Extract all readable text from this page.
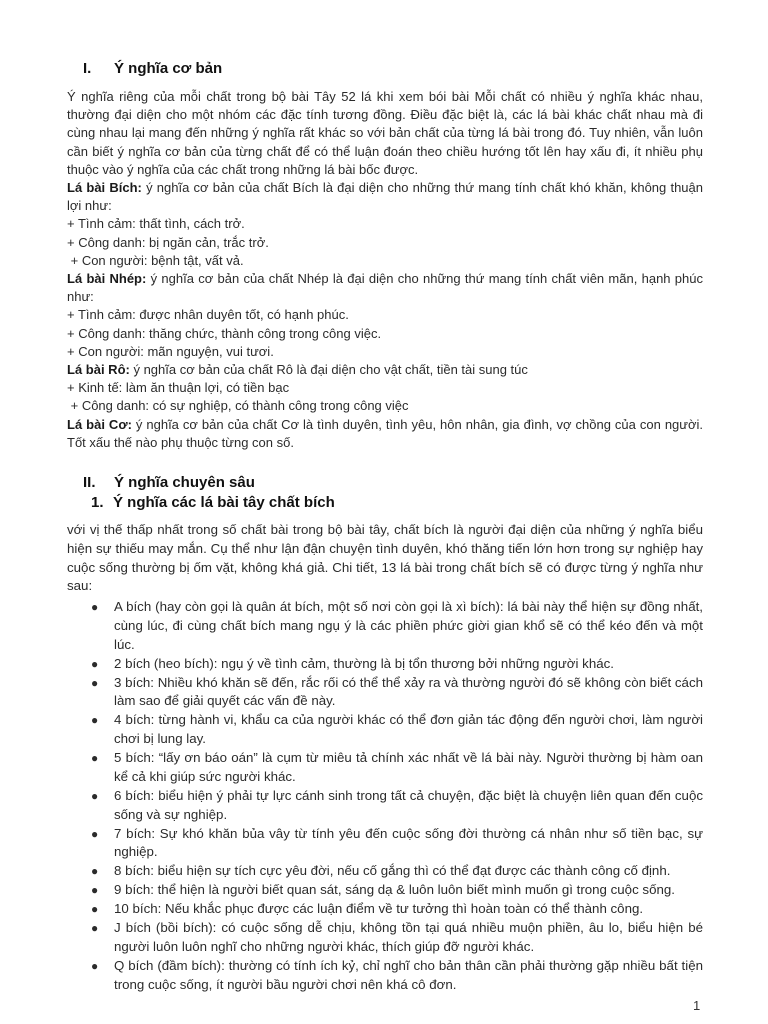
I. Ý nghĩa cơ bản

Ý nghĩa riêng của mỗi chất trong bộ bài Tây 52 lá khi xem bói bài Mỗi chất có nhiều ý nghĩa khác nhau, thường đại diện cho một nhóm các đặc tính tương đồng. Điều đặc biệt là, các lá bài khác chất nhau mà đi cùng nhau lại mang đến những ý nghĩa rất khác so với bản chất của từng lá bài trong đó. Tuy nhiên, vẫn luôn cần biết ý nghĩa cơ bản của từng chất để có thể luận đoán theo chiều hướng tốt lên hay xấu đi, ít nhiều phụ thuộc vào ý nghĩa của các chất trong những lá bài bốc được.

Lá bài Bích: ý nghĩa cơ bản của chất Bích là đại diện cho những thứ mang tính chất khó khăn, không thuận lợi như:

+ Tình cảm: thất tình, cách trở.

+ Công danh: bị ngăn cản, trắc trở.

+ Con người: bệnh tật, vất vả.

Lá bài Nhép: ý nghĩa cơ bản của chất Nhép là đại diện cho những thứ mang tính chất viên mãn, hạnh phúc như:

+ Tình cảm: được nhân duyên tốt, có hạnh phúc.

+ Công danh: thăng chức, thành công trong công việc.

+ Con người: mãn nguyện, vui tươi.

Lá bài Rô: ý nghĩa cơ bản của chất Rô là đại diện cho vật chất, tiền tài sung túc

+ Kinh tế: làm ăn thuận lợi, có tiền bạc

+ Công danh: có sự nghiệp, có thành công trong công việc

Lá bài Cơ: ý nghĩa cơ bản của chất Cơ là tình duyên, tình yêu, hôn nhân, gia đình, vợ chồng của con người. Tốt xấu thế nào phụ thuộc từng con số.

II. Ý nghĩa chuyên sâu
1. Ý nghĩa các lá bài tây chất bích

với vị thế thấp nhất trong số chất bài trong bộ bài tây, chất bích là người đại diện của những ý nghĩa biểu hiện sự thiếu may mắn. Cụ thể như lận đận chuyện tình duyên, khó thăng tiến lớn hơn trong sự nghiệp hay cuộc sống thường bị ốm vặt, không khá giả. Chi tiết, 13 lá bài trong chất bích sẽ có được từng ý nghĩa như sau:

●	A bích (hay còn gọi là quân át bích, một số nơi còn gọi là xì bích): lá bài này thể hiện sự đồng nhất, cùng lúc, đi cùng chất bích mang ngụ ý là các phiền phức giời gian khổ sẽ có thể kéo đến và một lúc.
●	2 bích (heo bích): ngụ ý về tình cảm, thường là bị tổn thương bởi những người khác.
●	3 bích: Nhiều khó khăn sẽ đến, rắc rối có thể thể xảy ra và thường người đó sẽ không còn biết cách làm sao để giải quyết các vấn đề này.
●	4 bích: từng hành vi, khẩu ca của người khác có thể đơn giản tác động đến người chơi, làm người chơi bị lung lay.
●	5 bích: “lấy ơn báo oán” là cụm từ miêu tả chính xác nhất về lá bài này. Người thường bị hàm oan kể cả khi giúp sức người khác.
●	6 bích: biểu hiện ý phải tự lực cánh sinh trong tất cả chuyện, đặc biệt là chuyện liên quan đến cuộc sống và sự nghiệp.
●	7 bích: Sự khó khăn bủa vây từ tính yêu đến cuộc sống đời thường cá nhân như số tiền bạc, sự nghiệp.
●	8 bích: biểu hiện sự tích cực yêu đời, nếu cố gắng thì có thể đạt được các thành công cố định.
●	9 bích: thể hiện là người biết quan sát, sáng dạ & luôn luôn biết mình muốn gì trong cuộc sống.
●	10 bích: Nếu khắc phục được các luận điểm về tư tưởng thì hoàn toàn có thể thành công.
●	J bích (bồi bích): có cuộc sống dễ chịu, không tồn tại quá nhiều muộn phiền, âu lo, biểu hiện bé người luôn luôn nghĩ cho những người khác, thích giúp đỡ người khác.
●	Q bích (đầm bích): thường có tính ích kỷ, chỉ nghĩ cho bản thân cần phải thường gặp nhiều bất tiện trong cuộc sống, ít người bầu người chơi nên khá cô đơn.
1
